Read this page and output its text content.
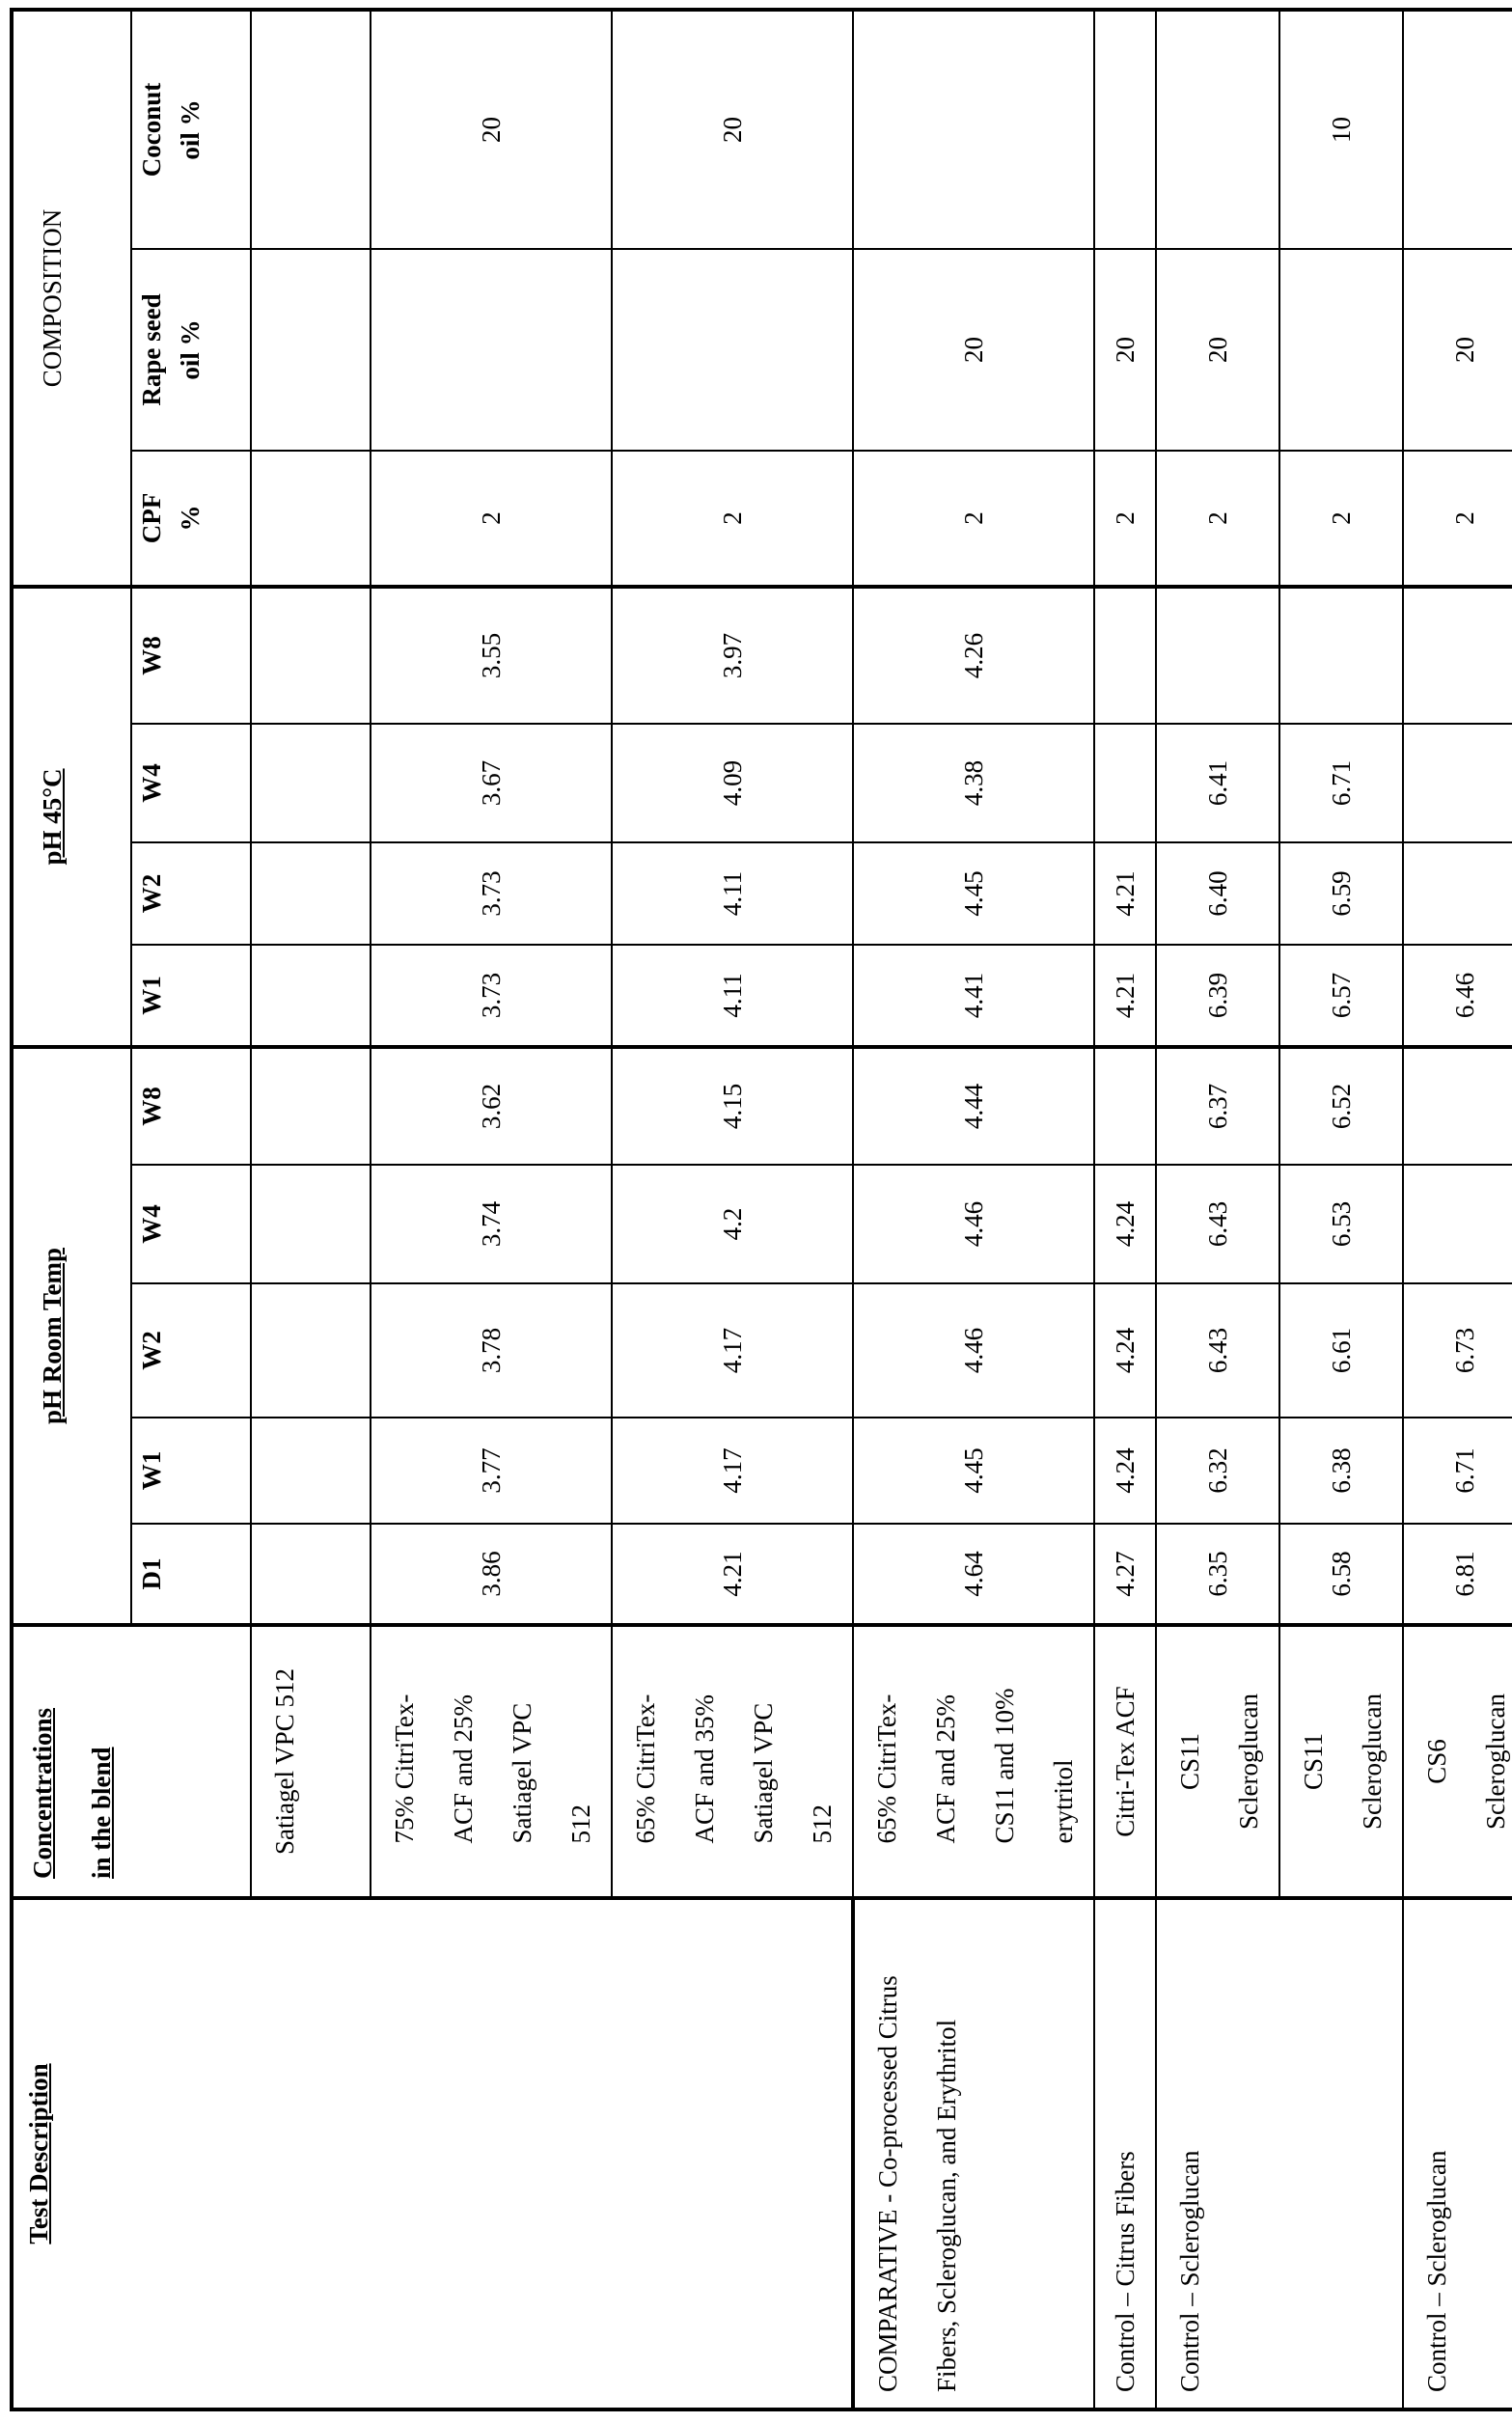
Test Description	Concentrations in the blend	pH Room Temp					pH 45°C				COMPOSITION		
		D1	W1	W2	W4	W8	W1	W2	W4	W8	CPF %	Rape seed oil %	Coconut oil %

	Satiagel VPC 512												

	75% CitriTex-ACF and 25% Satiagel VPC 512	3.86	3.77	3.78	3.74	3.62	3.73	3.73	3.67	3.55	2		20

	65% CitriTex-ACF and 35% Satiagel VPC 512	4.21	4.17	4.17	4.2	4.15	4.11	4.11	4.09	3.97	2		20
COMPARATIVE - Co-processed Citrus Fibers, Scleroglucan, and Erythritol	65% CitriTex-ACF and 25% CS11 and 10% erytritol	4.64	4.45	4.46	4.46	4.44	4.41	4.45	4.38	4.26	2	20	
Control – Citrus Fibers	Citri-Tex ACF	4.27	4.24	4.24	4.24		4.21	4.21			2	20	
Control – Scleroglucan	CS11 Scleroglucan	6.35	6.32	6.43	6.43	6.37	6.39	6.40	6.41		2	20	

	CS11 Scleroglucan	6.58	6.38	6.61	6.53	6.52	6.57	6.59	6.71		2		10
Control – Scleroglucan	CS6 Scleroglucan	6.81	6.71	6.73			6.46				2	20	
